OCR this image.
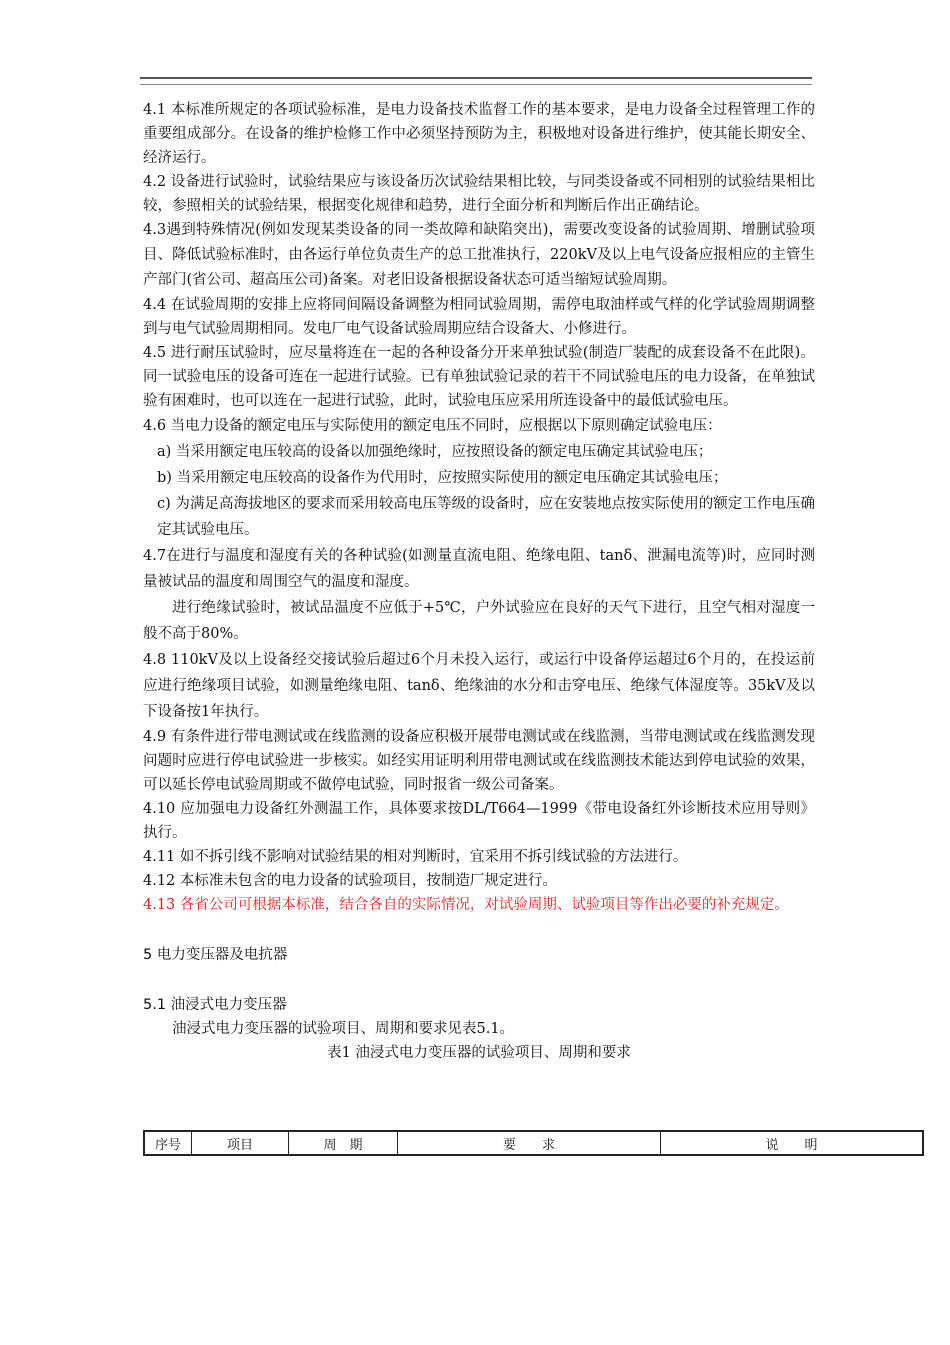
4.1 本标准所规定的各项试验标准，是电力设备技术监督工作的基本要求，是电力设备全过程管理工作的重要组成部分。在设备的维护检修工作中必须坚持预防为主，积极地对设备进行维护，使其能长期安全、经济运行。

4.2 设备进行试验时，试验结果应与该设备历次试验结果相比较，与同类设备或不同相别的试验结果相比较，参照相关的试验结果，根据变化规律和趋势，进行全面分析和判断后作出正确结论。

4.3遇到特殊情况(例如发现某类设备的同一类故障和缺陷突出)，需要改变设备的试验周期、增删试验项目、降低试验标准时，由各运行单位负责生产的总工批准执行，220kV及以上电气设备应报相应的主管生产部门(省公司、超高压公司)备案。对老旧设备根据设备状态可适当缩短试验周期。

4.4 在试验周期的安排上应将同间隔设备调整为相同试验周期，需停电取油样或气样的化学试验周期调整到与电气试验周期相同。发电厂电气设备试验周期应结合设备大、小修进行。

4.5 进行耐压试验时，应尽量将连在一起的各种设备分开来单独试验(制造厂装配的成套设备不在此限)。同一试验电压的设备可连在一起进行试验。已有单独试验记录的若干不同试验电压的电力设备，在单独试验有困难时，也可以连在一起进行试验，此时，试验电压应采用所连设备中的最低试验电压。

4.6 当电力设备的额定电压与实际使用的额定电压不同时，应根据以下原则确定试验电压：

a) 当采用额定电压较高的设备以加强绝缘时，应按照设备的额定电压确定其试验电压；

b) 当采用额定电压较高的设备作为代用时，应按照实际使用的额定电压确定其试验电压；

c) 为满足高海拔地区的要求而采用较高电压等级的设备时，应在安装地点按实际使用的额定工作电压确定其试验电压。

4.7在进行与温度和湿度有关的各种试验(如测量直流电阻、绝缘电阻、tanδ、泄漏电流等)时，应同时测量被试品的温度和周围空气的温度和湿度。

进行绝缘试验时，被试品温度不应低于+5℃，户外试验应在良好的天气下进行，且空气相对湿度一般不高于80%。

4.8 110kV及以上设备经交接试验后超过6个月未投入运行，或运行中设备停运超过6个月的，在投运前应进行绝缘项目试验，如测量绝缘电阻、tanδ、绝缘油的水分和击穿电压、绝缘气体湿度等。35kV及以下设备按1年执行。

4.9 有条件进行带电测试或在线监测的设备应积极开展带电测试或在线监测，当带电测试或在线监测发现问题时应进行停电试验进一步核实。如经实用证明利用带电测试或在线监测技术能达到停电试验的效果，可以延长停电试验周期或不做停电试验，同时报省一级公司备案。

4.10 应加强电力设备红外测温工作，具体要求按DL/T664—1999《带电设备红外诊断技术应用导则》执行。

4.11 如不拆引线不影响对试验结果的相对判断时，宜采用不拆引线试验的方法进行。

4.12 本标准未包含的电力设备的试验项目，按制造厂规定进行。

4.13 各省公司可根据本标准，结合各自的实际情况，对试验周期、试验项目等作出必要的补充规定。

5 电力变压器及电抗器

5.1 油浸式电力变压器

油浸式电力变压器的试验项目、周期和要求见表5.1。

表1 油浸式电力变压器的试验项目、周期和要求

序号	项目	周　期	要　　求	说　　明
